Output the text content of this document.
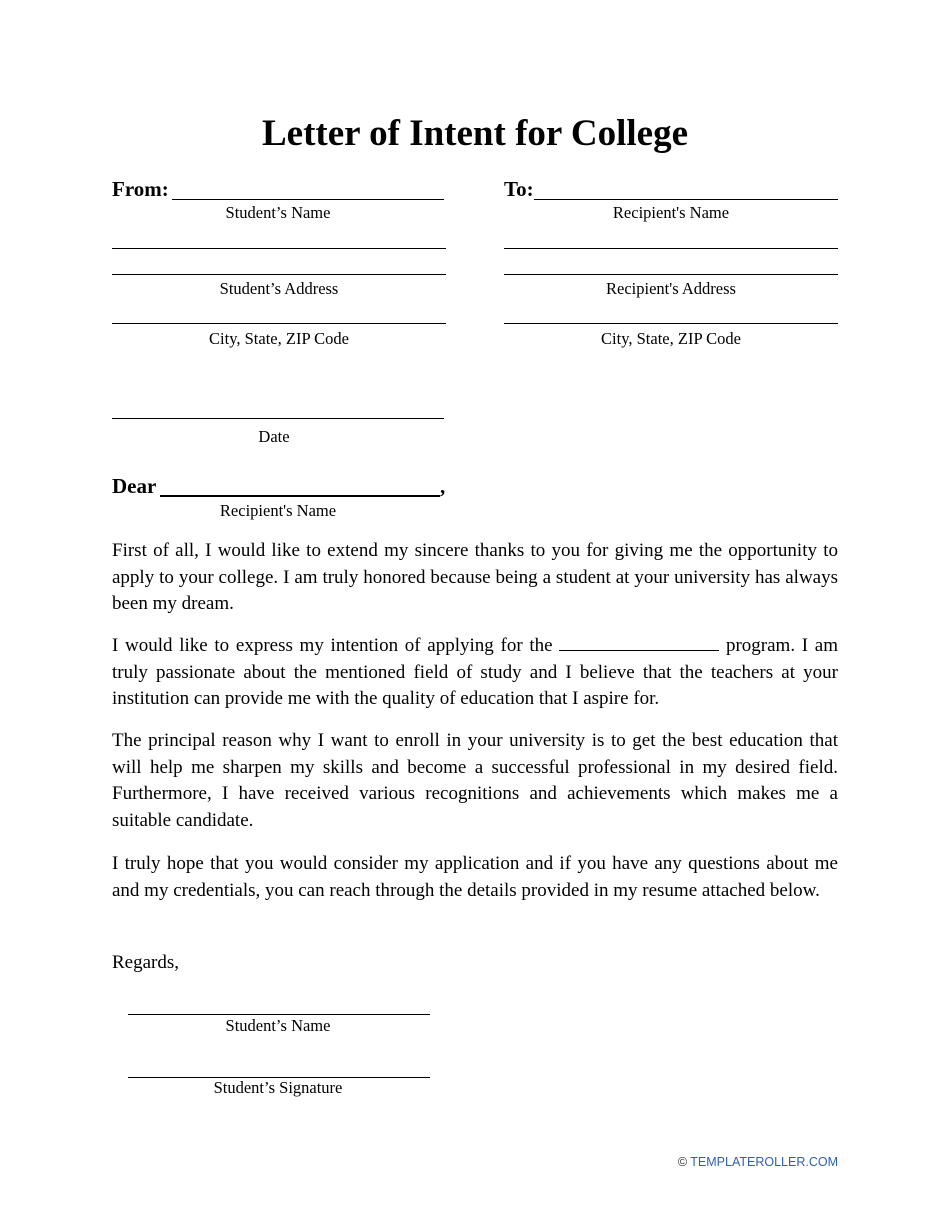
Letter of Intent for College
From:
Student’s Name
Student’s Address
City, State, ZIP Code
To:
Recipient's Name
Recipient's Address
City, State, ZIP Code
Date
Dear	,
Recipient's Name

First of all, I would like to extend my sincere thanks to you for giving me the opportunity to apply to your college. I am truly honored because being a student at your university has always been my dream.

I would like to express my intention of applying for the	program. I am truly passionate about the mentioned field of study and I believe that the teachers at your institution can provide me with the quality of education that I aspire for.

The principal reason why I want to enroll in your university is to get the best education that will help me sharpen my skills and become a successful professional in my desired field. Furthermore, I have received various recognitions and achievements which makes me a suitable candidate.

I truly hope that you would consider my application and if you have any questions about me and my credentials, you can reach through the details provided in my resume attached below.

Regards,
Student’s Name
Student’s Signature
© TEMPLATEROLLER.COM
